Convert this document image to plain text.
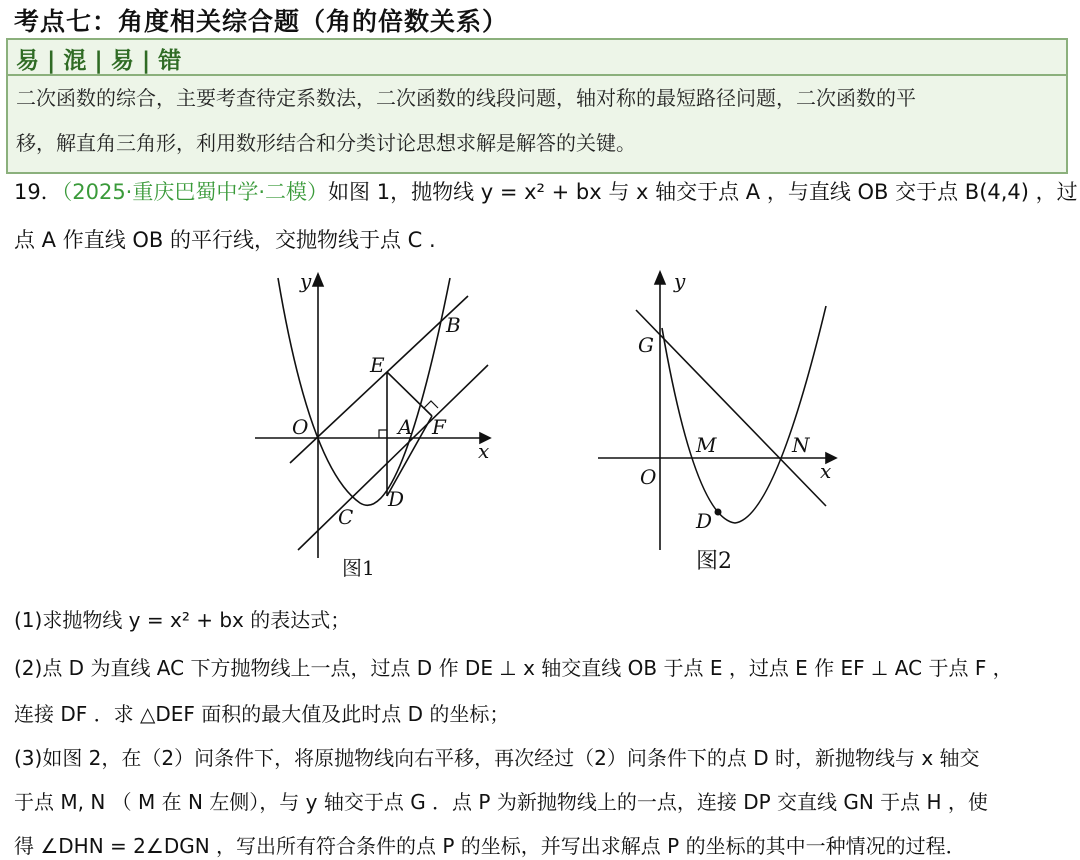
考点七：角度相关综合题（角的倍数关系）
易 | 混 | 易 | 错
二次函数的综合，主要考查待定系数法，二次函数的线段问题，轴对称的最短路径问题，二次函数的平
移，解直角三角形，利用数形结合和分类讨论思想求解是解答的关键。
19．（2025·重庆巴蜀中学·二模）如图 1，抛物线 y = x² + bx 与 x 轴交于点 A ，与直线 OB 交于点 B(4,4) ，过
点 A 作直线 OB 的平行线，交抛物线于点 C .
y
x
O
E
B
A F
D
C
图1
y
x
O
G
M	N
D
图2
(1)求抛物线 y = x² + bx 的表达式；
(2)点 D 为直线 AC 下方抛物线上一点，过点 D 作 DE ⊥ x 轴交直线 OB 于点 E ，过点 E 作 EF ⊥ AC 于点 F ，
连接 DF ．求 △DEF 面积的最大值及此时点 D 的坐标；
(3)如图 2，在（2）问条件下，将原抛物线向右平移，再次经过（2）问条件下的点 D 时，新抛物线与 x 轴交
于点 M, N （ M 在 N 左侧），与 y 轴交于点 G ．点 P 为新抛物线上的一点，连接 DP 交直线 GN 于点 H ，使
得 ∠DHN = 2∠DGN ，写出所有符合条件的点 P 的坐标，并写出求解点 P 的坐标的其中一种情况的过程．
